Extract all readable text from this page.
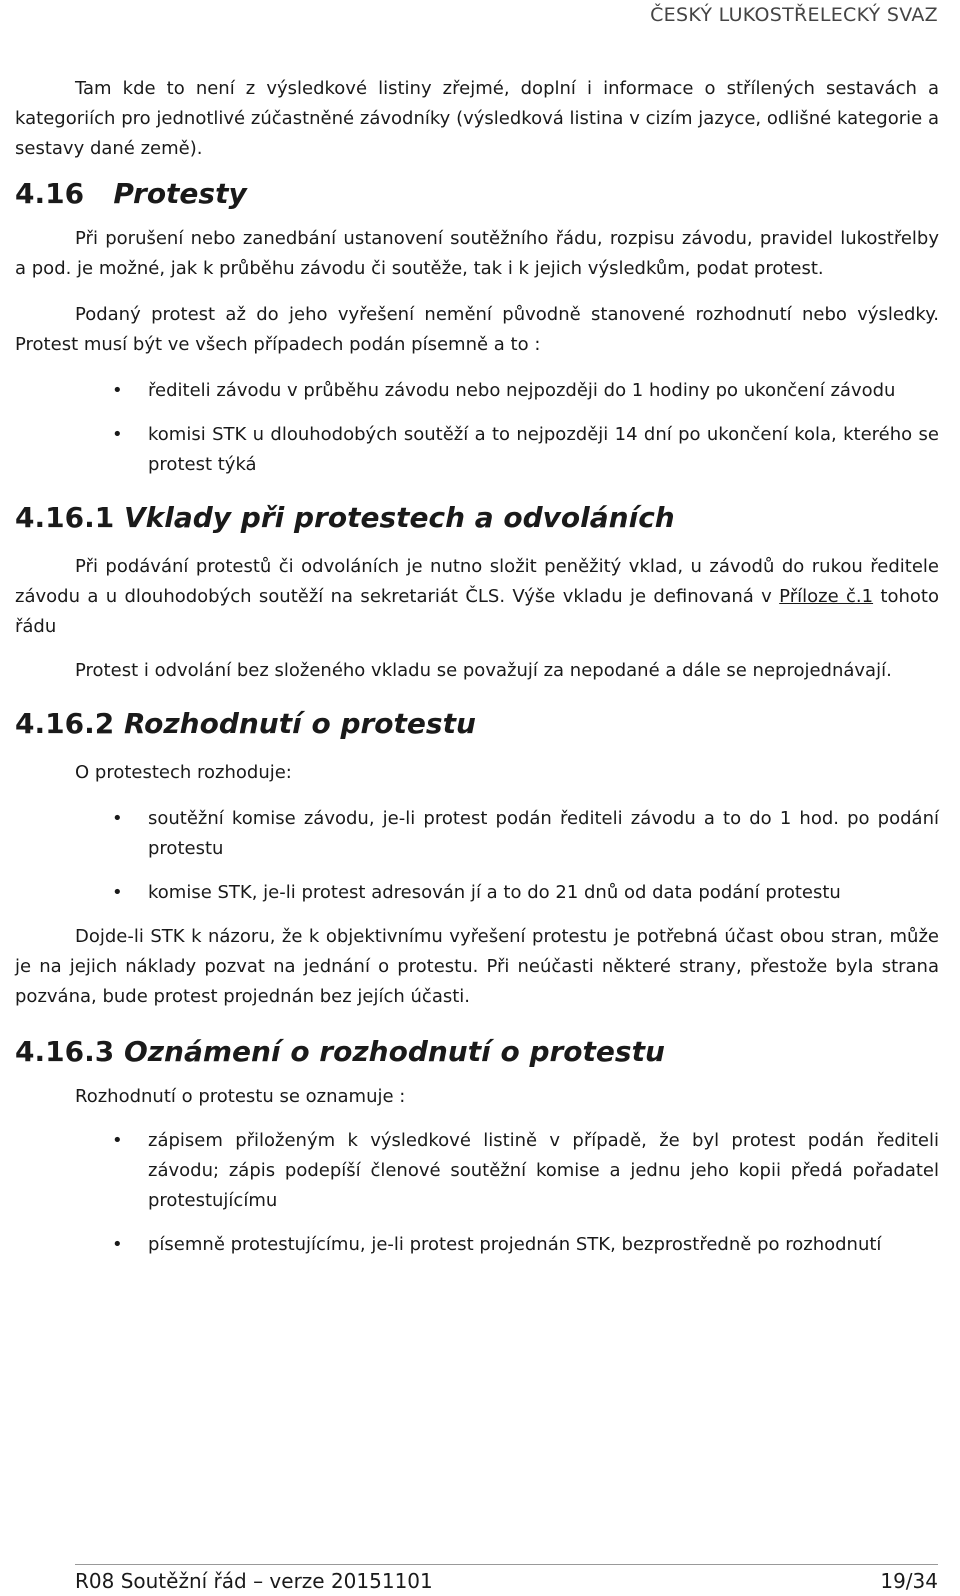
ČESKÝ LUKOSTŘELECKÝ SVAZ

Tam kde to není z výsledkové listiny zřejmé, doplní i informace o střílených sestavách a kategoriích pro jednotlivé zúčastněné závodníky (výsledková listina v cizím jazyce, odlišné kategorie a sestavy dané země).

4.16 Protesty

Při porušení nebo zanedbání ustanovení soutěžního řádu, rozpisu závodu, pravidel lukostřelby a pod. je možné, jak k průběhu závodu či soutěže, tak i k jejich výsledkům, podat protest.

Podaný protest až do jeho vyřešení nemění původně stanovené rozhodnutí nebo výsledky. Protest musí být ve všech případech podán písemně a to :

• řediteli závodu v průběhu závodu nebo nejpozději do 1 hodiny po ukončení závodu
• komisi STK u dlouhodobých soutěží a to nejpozději 14 dní po ukončení kola, kterého se protest týká
4.16.1 Vklady při protestech a odvoláních

Při podávání protestů či odvoláních je nutno složit peněžitý vklad, u závodů do rukou ředitele závodu a u dlouhodobých soutěží na sekretariát ČLS. Výše vkladu je definovaná v Příloze č.1 tohoto řádu

Protest i odvolání bez složeného vkladu se považují za nepodané a dále se neprojednávají.

4.16.2 Rozhodnutí o protestu

O protestech rozhoduje:

• soutěžní komise závodu, je-li protest podán řediteli závodu a to do 1 hod. po podání protestu
• komise STK, je-li protest adresován jí a to do 21 dnů od data podání protestu

Dojde-li STK k názoru, že k objektivnímu vyřešení protestu je potřebná účast obou stran, může je na jejich náklady pozvat na jednání o protestu. Při neúčasti některé strany, přestože byla strana pozvána, bude protest projednán bez jejích účasti.

4.16.3 Oznámení o rozhodnutí o protestu

Rozhodnutí o protestu se oznamuje :

• zápisem přiloženým k výsledkové listině v případě, že byl protest podán řediteli závodu; zápis podepíší členové soutěžní komise a jednu jeho kopii předá pořadatel protestujícímu
• písemně protestujícímu, je-li protest projednán STK, bezprostředně po rozhodnutí
R08 Soutěžní řád – verze 20151101	19/34
